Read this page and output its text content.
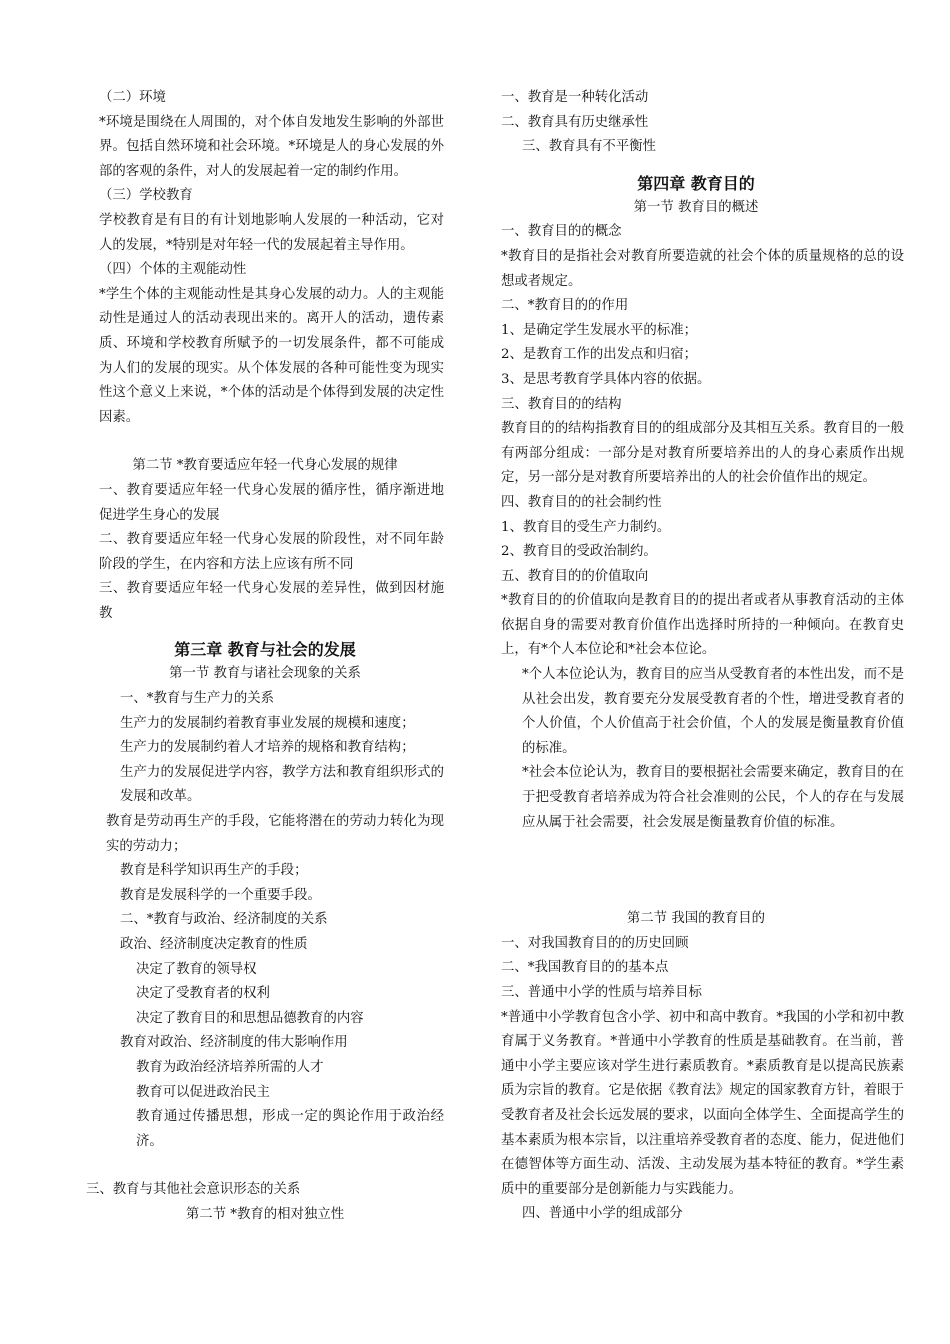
（二）环境
*环境是围绕在人周围的，对个体自发地发生影响的外部世界。包括自然环境和社会环境。*环境是人的身心发展的外部的客观的条件，对人的发展起着一定的制约作用。
（三）学校教育
学校教育是有目的有计划地影响人发展的一种活动，它对人的发展，*特别是对年轻一代的发展起着主导作用。
（四）个体的主观能动性
*学生个体的主观能动性是其身心发展的动力。人的主观能动性是通过人的活动表现出来的。离开人的活动，遗传素质、环境和学校教育所赋予的一切发展条件，都不可能成为人们的发展的现实。从个体发展的各种可能性变为现实性这个意义上来说，*个体的活动是个体得到发展的决定性因素。
第二节 *教育要适应年轻一代身心发展的规律
一、教育要适应年轻一代身心发展的循序性，循序渐进地促进学生身心的发展
二、教育要适应年轻一代身心发展的阶段性，对不同年龄阶段的学生，在内容和方法上应该有所不同
三、教育要适应年轻一代身心发展的差异性，做到因材施教
第三章 教育与社会的发展
第一节 教育与诸社会现象的关系
一、*教育与生产力的关系
生产力的发展制约着教育事业发展的规模和速度；
生产力的发展制约着人才培养的规格和教育结构；
生产力的发展促进学内容，教学方法和教育组织形式的发展和改革。
教育是劳动再生产的手段，它能将潜在的劳动力转化为现实的劳动力；
教育是科学知识再生产的手段；
教育是发展科学的一个重要手段。
二、*教育与政治、经济制度的关系
政治、经济制度决定教育的性质
决定了教育的领导权
决定了受教育者的权利
决定了教育目的和思想品德教育的内容
教育对政治、经济制度的伟大影响作用
教育为政治经济培养所需的人才
教育可以促进政治民主
教育通过传播思想，形成一定的舆论作用于政治经济。
三、教育与其他社会意识形态的关系
第二节 *教育的相对独立性
一、教育是一种转化活动
二、教育具有历史继承性
三、教育具有不平衡性
第四章 教育目的
第一节 教育目的概述
一、教育目的的概念
*教育目的是指社会对教育所要造就的社会个体的质量规格的总的设想或者规定。
二、*教育目的的作用
1、是确定学生发展水平的标准；
2、是教育工作的出发点和归宿；
3、是思考教育学具体内容的依据。
三、教育目的的结构
教育目的的结构指教育目的的组成部分及其相互关系。教育目的一般有两部分组成：一部分是对教育所要培养出的人的身心素质作出规定，另一部分是对教育所要培养出的人的社会价值作出的规定。
四、教育目的的社会制约性
1、教育目的受生产力制约。
2、教育目的受政治制约。
五、教育目的的价值取向
*教育目的的价值取向是教育目的的提出者或者从事教育活动的主体依据自身的需要对教育价值作出选择时所持的一种倾向。在教育史上，有*个人本位论和*社会本位论。
*个人本位论认为，教育目的应当从受教育者的本性出发，而不是从社会出发，教育要充分发展受教育者的个性，增进受教育者的个人价值，个人价值高于社会价值，个人的发展是衡量教育价值的标准。
*社会本位论认为，教育目的要根据社会需要来确定，教育目的在于把受教育者培养成为符合社会准则的公民，个人的存在与发展应从属于社会需要，社会发展是衡量教育价值的标准。
第二节 我国的教育目的
一、对我国教育目的的历史回顾
二、*我国教育目的的基本点
三、普通中小学的性质与培养目标
*普通中小学教育包含小学、初中和高中教育。*我国的小学和初中教育属于义务教育。*普通中小学教育的性质是基础教育。在当前，普通中小学主要应该对学生进行素质教育。*素质教育是以提高民族素质为宗旨的教育。它是依据《教育法》规定的国家教育方针，着眼于受教育者及社会长远发展的要求，以面向全体学生、全面提高学生的基本素质为根本宗旨，以注重培养受教育者的态度、能力，促进他们在德智体等方面生动、活泼、主动发展为基本特征的教育。*学生素质中的重要部分是创新能力与实践能力。
四、普通中小学的组成部分
